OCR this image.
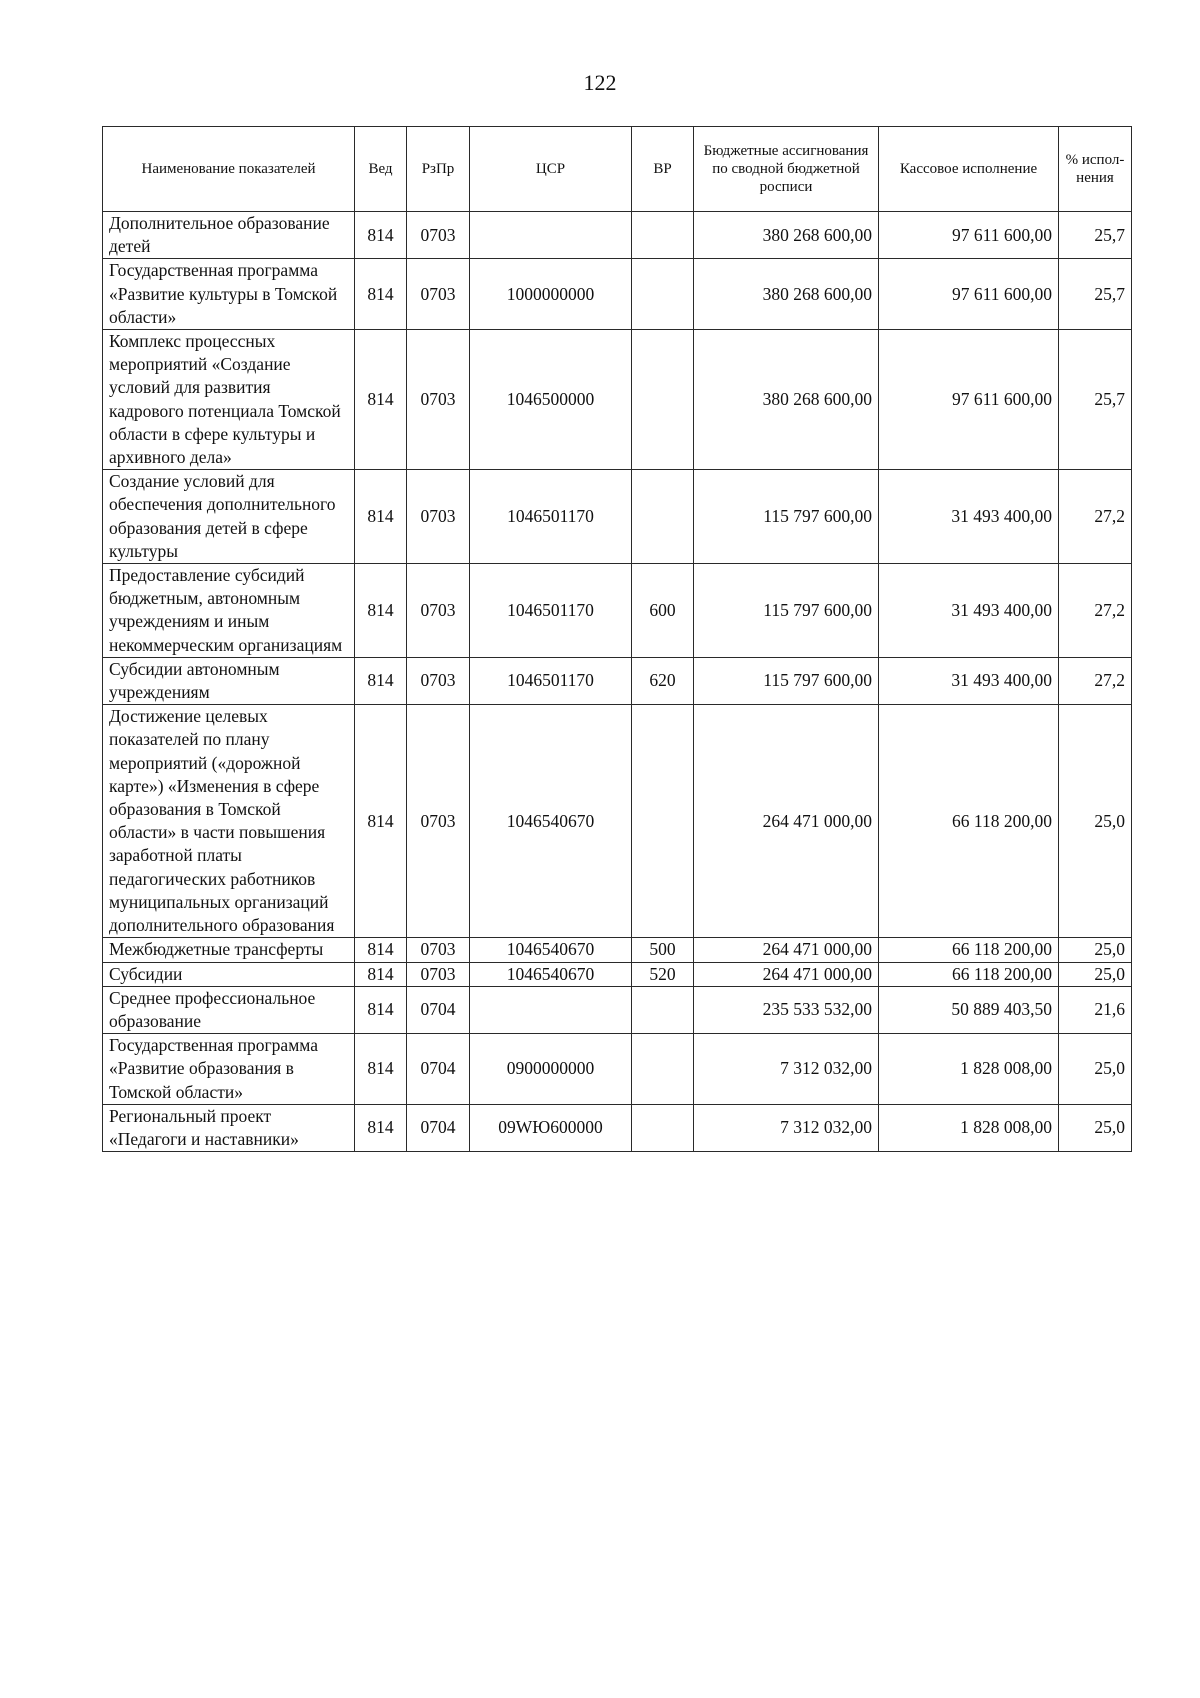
122
Наименование показателей	Вед	РзПр	ЦСР	ВР	Бюджетные ассигнования по сводной бюджетной росписи	Кассовое исполнение	% испол-нения
Дополнительное образование детей	814	0703			380 268 600,00	97 611 600,00	25,7
Государственная программа «Развитие культуры в Томской области»	814	0703	1000000000		380 268 600,00	97 611 600,00	25,7
Комплекс процессных мероприятий «Создание условий для развития кадрового потенциала Томской области в сфере культуры и архивного дела»	814	0703	1046500000		380 268 600,00	97 611 600,00	25,7
Создание условий для обеспечения дополнительного образования детей в сфере культуры	814	0703	1046501170		115 797 600,00	31 493 400,00	27,2
Предоставление субсидий бюджетным, автономным учреждениям и иным некоммерческим организациям	814	0703	1046501170	600	115 797 600,00	31 493 400,00	27,2
Субсидии автономным учреждениям	814	0703	1046501170	620	115 797 600,00	31 493 400,00	27,2
Достижение целевых показателей по плану мероприятий («дорожной карте») «Изменения в сфере образования в Томской области» в части повышения заработной платы педагогических работников муниципальных организаций дополнительного образования	814	0703	1046540670		264 471 000,00	66 118 200,00	25,0
Межбюджетные трансферты	814	0703	1046540670	500	264 471 000,00	66 118 200,00	25,0
Субсидии	814	0703	1046540670	520	264 471 000,00	66 118 200,00	25,0
Среднее профессиональное образование	814	0704			235 533 532,00	50 889 403,50	21,6
Государственная программа «Развитие образования в Томской области»	814	0704	0900000000		7 312 032,00	1 828 008,00	25,0
Региональный проект «Педагоги и наставники»	814	0704	09WЮ600000		7 312 032,00	1 828 008,00	25,0
